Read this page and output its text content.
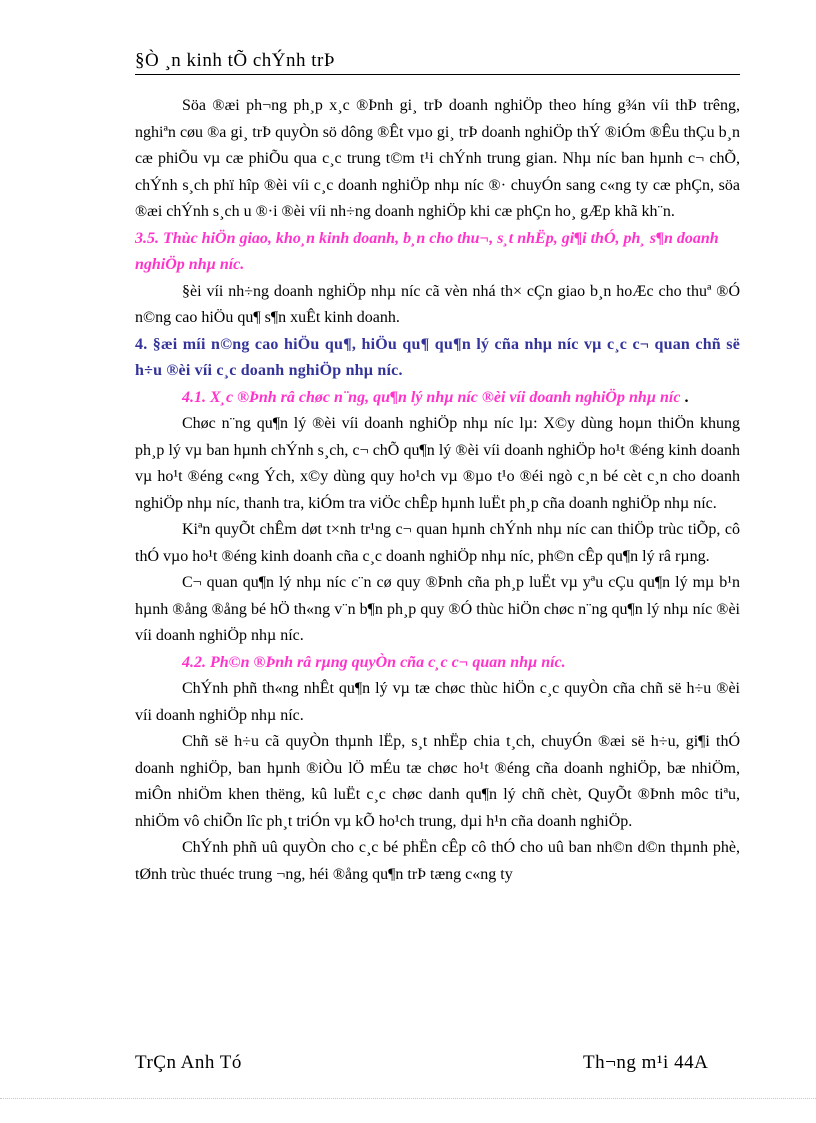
§Ò ¸n kinh tÕ chÝnh trÞ

Söa ®æi ph¬ng ph¸p x¸c ®Þnh gi¸ trÞ doanh nghiÖp theo híng g¾n víi thÞ trêng, nghiªn cøu ®a gi¸ trÞ quyÒn sö dông ®Êt vµo gi¸ trÞ doanh nghiÖp thÝ ®iÓm ®Êu thÇu b¸n cæ phiÕu vµ cæ phiÕu qua c¸c trung t©m t¹i chÝnh trung gian. Nhµ níc ban hµnh c¬ chÕ, chÝnh s¸ch phï hîp ®èi víi c¸c doanh nghiÖp nhµ níc ®· chuyÓn sang c«ng ty cæ phÇn, söa ®æi chÝnh s¸ch u ®·i ®èi víi nh÷ng doanh nghiÖp khi cæ phÇn ho¸ gÆp khã kh¨n.

3.5. Thùc hiÖn giao, kho¸n kinh doanh, b¸n cho thu¬, s¸t nhËp, gi¶i thÓ, ph¸ s¶n doanh nghiÖp nhµ níc.

§èi víi nh÷ng doanh nghiÖp nhµ níc cã vèn nhá th× cÇn giao b¸n hoÆc cho thuª ®Ó n©ng cao hiÖu qu¶ s¶n xuÊt kinh doanh.

4. §æi míi n©ng cao hiÖu qu¶, hiÖu qu¶ qu¶n lý cña nhµ níc vµ c¸c c¬ quan chñ së h÷u ®èi víi c¸c doanh nghiÖp nhµ níc.

4.1. X¸c ®Þnh râ chøc n¨ng, qu¶n lý nhµ níc ®èi víi doanh nghiÖp nhµ níc .

Chøc n¨ng qu¶n lý ®èi víi doanh nghiÖp nhµ níc lµ: X©y dùng hoµn thiÖn khung ph¸p lý vµ ban hµnh chÝnh s¸ch, c¬ chÕ qu¶n lý ®èi víi doanh nghiÖp ho¹t ®éng kinh doanh vµ ho¹t ®éng c«ng Ých, x©y dùng quy ho¹ch vµ ®µo t¹o ®éi ngò c¸n bé cèt c¸n cho doanh nghiÖp nhµ níc, thanh tra, kiÓm tra viÖc chÊp hµnh luËt ph¸p cña doanh nghiÖp nhµ níc.

Kiªn quyÕt chÊm døt t×nh tr¹ng c¬ quan hµnh chÝnh nhµ níc can thiÖp trùc tiÕp, cô thÓ vµo ho¹t ®éng kinh doanh cña c¸c doanh nghiÖp nhµ níc, ph©n cÊp qu¶n lý râ rµng.

C¬ quan qu¶n lý nhµ níc c¨n cø quy ®Þnh cña ph¸p luËt vµ yªu cÇu qu¶n lý mµ b¹n hµnh ®ång ®ång bé hÖ th«ng v¨n b¶n ph¸p quy ®Ó thùc hiÖn chøc n¨ng qu¶n lý nhµ níc ®èi víi doanh nghiÖp nhµ níc.

4.2. Ph©n ®Þnh râ rµng quyÒn cña c¸c c¬ quan nhµ níc.

ChÝnh phñ th«ng nhÊt qu¶n lý vµ tæ chøc thùc hiÖn c¸c quyÒn cña chñ së h÷u ®èi víi doanh nghiÖp nhµ níc.

Chñ së h÷u cã quyÒn thµnh lËp, s¸t nhËp chia t¸ch, chuyÓn ®æi së h÷u, gi¶i thÓ doanh nghiÖp, ban hµnh ®iÒu lÖ mÉu tæ chøc ho¹t ®éng cña doanh nghiÖp, bæ nhiÖm, miÔn nhiÖm khen thëng, kû luËt c¸c chøc danh qu¶n lý chñ chèt, QuyÕt ®Þnh môc tiªu, nhiÖm vô chiÕn lîc ph¸t triÓn vµ kÕ ho¹ch trung, dµi h¹n cña doanh nghiÖp.

ChÝnh phñ uû quyÒn cho c¸c bé phËn cÊp cô thÓ cho uû ban nh©n d©n thµnh phè, tØnh trùc thuéc trung ¬ng, héi ®ång qu¶n trÞ tæng c«ng ty

TrÇn Anh Tó	Th¬ng m¹i 44A
